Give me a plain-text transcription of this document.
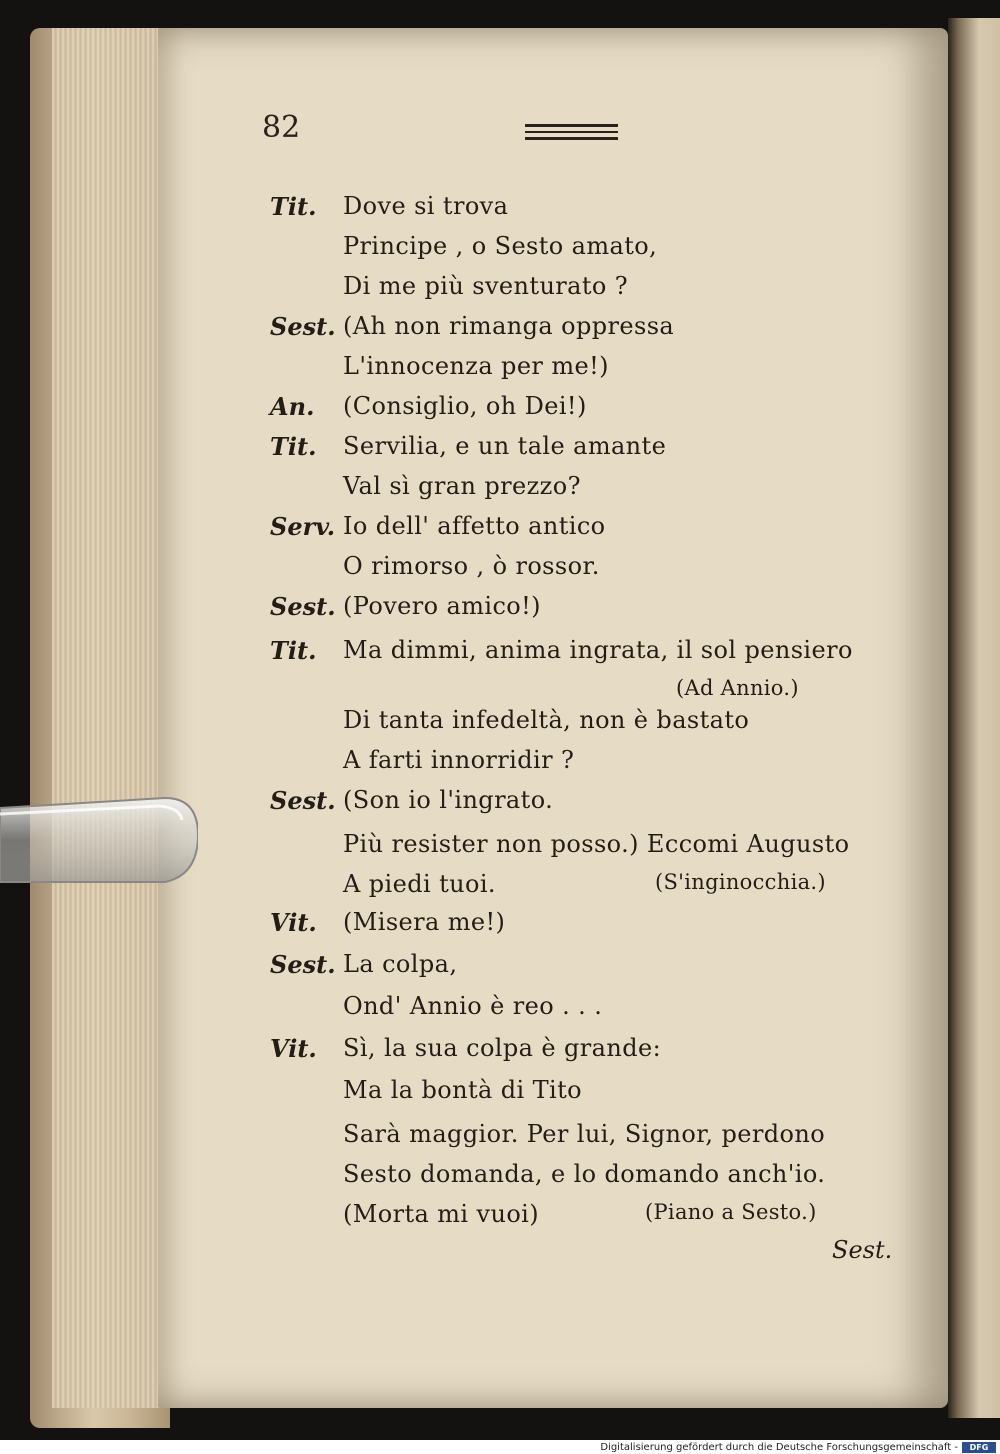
82
Tit. Dove si trova
Principe , o Sesto amato,
Di me più sventurato ?
Sest. (Ah non rimanga oppressa
L'innocenza per me!)
An. (Consiglio, oh Dei!)
Tit. Servilia, e un tale amante
Val sì gran prezzo?
Serv. Io dell' affetto antico
O rimorso , ò rossor.
Sest. (Povero amico!)
Tit. Ma dimmi, anima ingrata, il sol pensiero
(Ad Annio.)
Di tanta infedeltà, non è bastato
A farti innorridir ?
Sest. (Son io l'ingrato.
Più resister non posso.) Eccomi Augusto
A piedi tuoi.	(S'inginocchia.)
Vit. (Misera me!)
Sest. La colpa,
Ond' Annio è reo . . .
Vit. Sì, la sua colpa è grande:
Ma la bontà di Tito
Sarà maggior. Per lui, Signor, perdono
Sesto domanda, e lo domando anch'io.
(Morta mi vuoi)	(Piano a Sesto.)
Sest.
Digitalisierung gefördert durch die Deutsche Forschungsgemeinschaft -	DFG
